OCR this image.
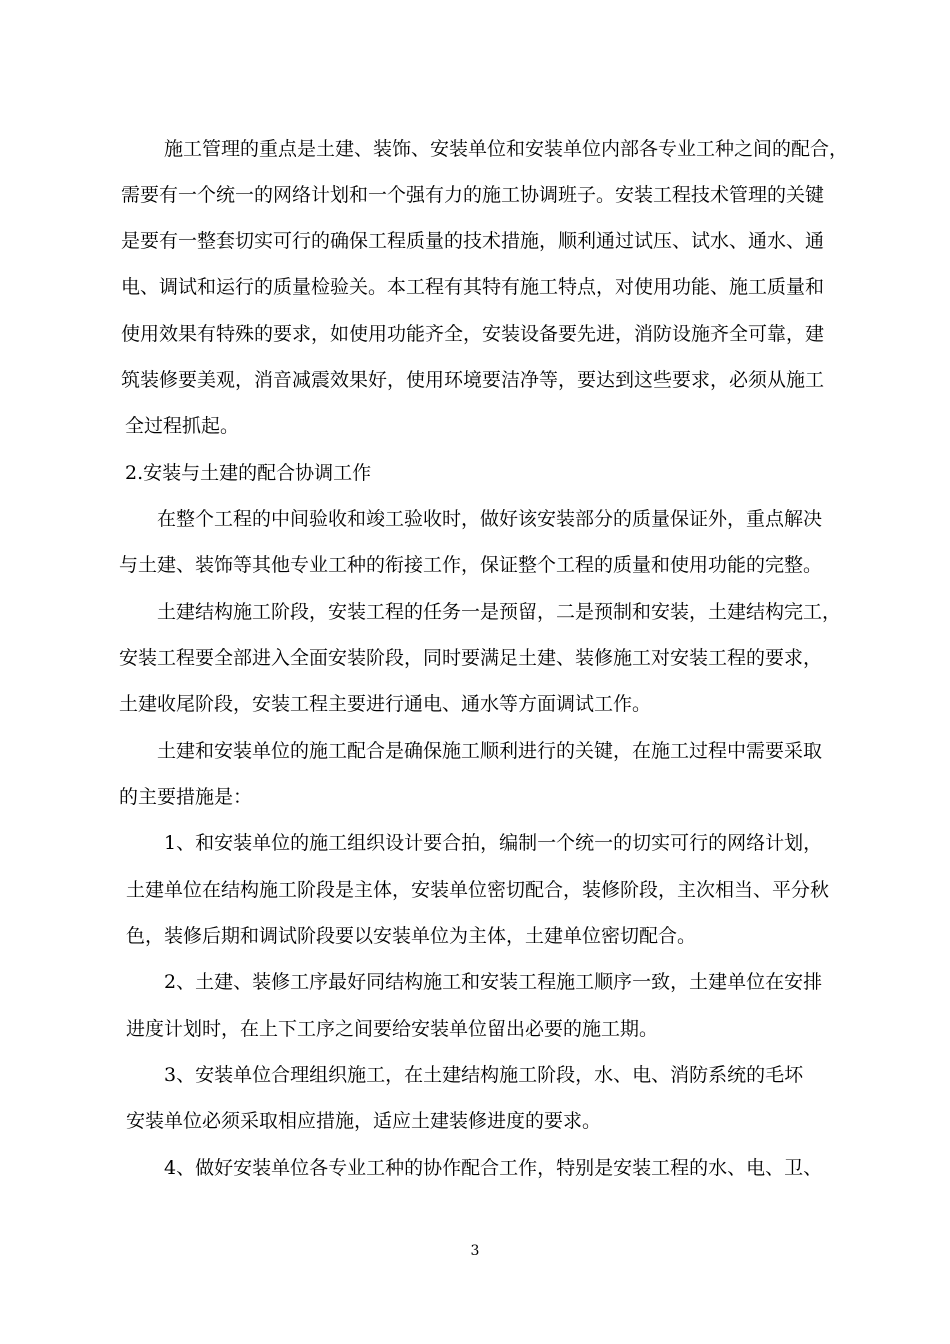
施工管理的重点是土建、装饰、安装单位和安装单位内部各专业工种之间的配合，
需要有一个统一的网络计划和一个强有力的施工协调班子。安装工程技术管理的关键
是要有一整套切实可行的确保工程质量的技术措施，顺利通过试压、试水、通水、通
电、调试和运行的质量检验关。本工程有其特有施工特点，对使用功能、施工质量和
使用效果有特殊的要求，如使用功能齐全，安装设备要先进，消防设施齐全可靠，建
筑装修要美观，消音减震效果好，使用环境要洁净等，要达到这些要求，必须从施工
全过程抓起。
2.安装与土建的配合协调工作
在整个工程的中间验收和竣工验收时，做好该安装部分的质量保证外，重点解决
与土建、装饰等其他专业工种的衔接工作，保证整个工程的质量和使用功能的完整。
土建结构施工阶段，安装工程的任务一是预留，二是预制和安装，土建结构完工，
安装工程要全部进入全面安装阶段，同时要满足土建、装修施工对安装工程的要求，
土建收尾阶段，安装工程主要进行通电、通水等方面调试工作。
土建和安装单位的施工配合是确保施工顺利进行的关键，在施工过程中需要采取
的主要措施是：
1、和安装单位的施工组织设计要合拍，编制一个统一的切实可行的网络计划，
土建单位在结构施工阶段是主体，安装单位密切配合，装修阶段，主次相当、平分秋
色，装修后期和调试阶段要以安装单位为主体，土建单位密切配合。
2、土建、装修工序最好同结构施工和安装工程施工顺序一致，土建单位在安排
进度计划时，在上下工序之间要给安装单位留出必要的施工期。
3、安装单位合理组织施工，在土建结构施工阶段，水、电、消防系统的毛坏
安装单位必须采取相应措施，适应土建装修进度的要求。
4、做好安装单位各专业工种的协作配合工作，特别是安装工程的水、电、卫、
3
